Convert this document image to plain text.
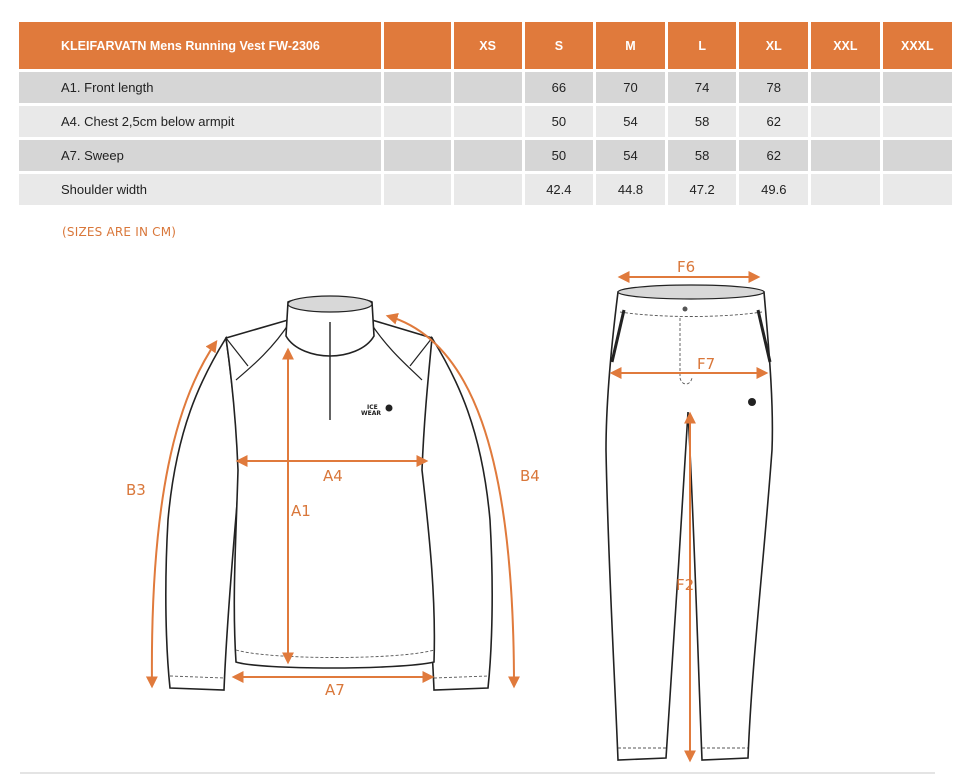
KLEIFARVATN Mens Running Vest FW-2306		XS	S	M	L	XL	XXL	XXXL
A1. Front length			66	70	74	78		
A4. Chest 2,5cm below armpit			50	54	58	62		
A7. Sweep			50	54	58	62		
Shoulder width			42.4	44.8	47.2	49.6		
(SIZES ARE IN CM)
ICE
WEAR
B3
B4
A1
A4
A7
F6
F7
F2
